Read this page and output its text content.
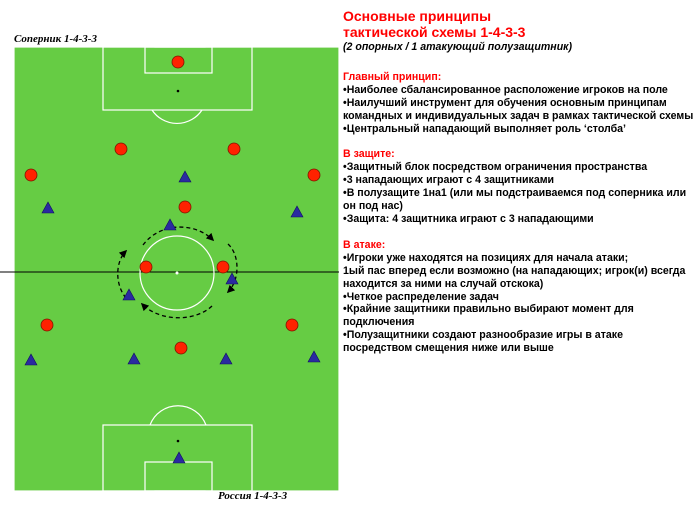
Соперник 1-4-3-3
Россия 1-4-3-3
Основные принципы
тактической схемы 1-4-3-3
(2 опорных / 1 атакующий полузащитник)
Главный принцип:
•Наиболее сбалансированное расположение игроков на поле
•Наилучший инструмент для обучения основным принципам командных и индивидуальных задач в рамках тактической схемы
•Центральный нападающий выполняет роль ‘столба’
В защите:
•Защитный блок посредством ограничения пространства
•3 нападающих играют с 4 защитниками
•В полузащите 1на1 (или мы подстраиваемся под соперника или он под нас)
•Защита: 4 защитника играют с 3 нападающими
В атаке:
•Игроки уже находятся на позициях для начала атаки;
1ый пас вперед если возможно (на нападающих; игрок(и) всегда находится за ними на случай отскока)
•Четкое распределение задач
•Крайние защитники правильно выбирают момент для подключения
•Полузащитники создают разнообразие игры в атаке посредством смещения ниже или выше
